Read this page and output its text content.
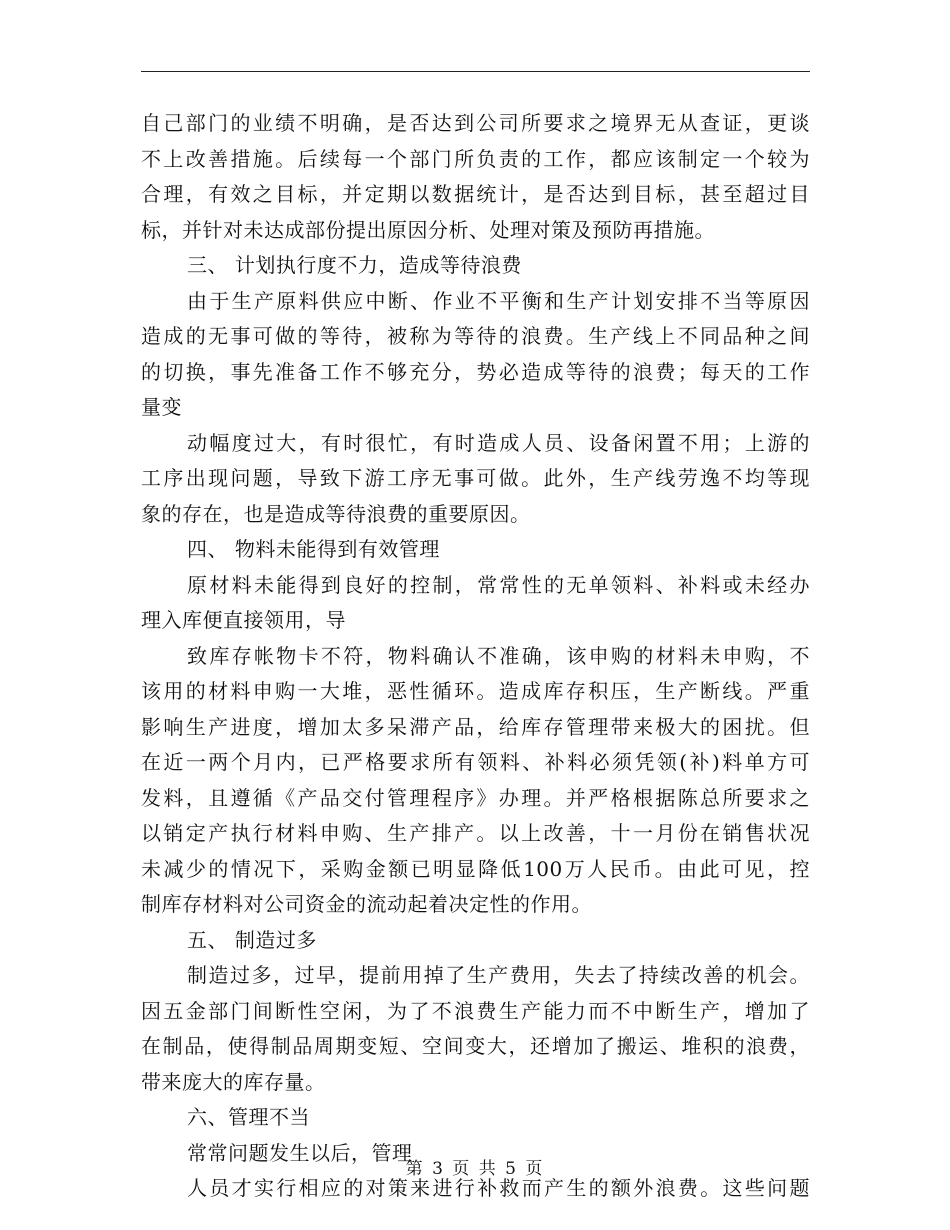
自己部门的业绩不明确，是否达到公司所要求之境界无从查证，更谈
不上改善措施。后续每一个部门所负责的工作，都应该制定一个较为
合理，有效之目标，并定期以数据统计，是否达到目标，甚至超过目
标，并针对未达成部份提出原因分析、处理对策及预防再措施。
三、 计划执行度不力，造成等待浪费
由于生产原料供应中断、作业不平衡和生产计划安排不当等原因
造成的无事可做的等待，被称为等待的浪费。生产线上不同品种之间
的切换，事先准备工作不够充分，势必造成等待的浪费；每天的工作
量变
动幅度过大，有时很忙，有时造成人员、设备闲置不用；上游的
工序出现问题，导致下游工序无事可做。此外，生产线劳逸不均等现
象的存在，也是造成等待浪费的重要原因。
四、 物料未能得到有效管理
原材料未能得到良好的控制，常常性的无单领料、补料或未经办
理入库便直接领用，导
致库存帐物卡不符，物料确认不准确，该申购的材料未申购，不
该用的材料申购一大堆，恶性循环。造成库存积压，生产断线。严重
影响生产进度，增加太多呆滞产品，给库存管理带来极大的困扰。但
在近一两个月内，已严格要求所有领料、补料必须凭领(补)料单方可
发料，且遵循《产品交付管理程序》办理。并严格根据陈总所要求之
以销定产执行材料申购、生产排产。以上改善，十一月份在销售状况
未减少的情况下，采购金额已明显降低100万人民币。由此可见，控
制库存材料对公司资金的流动起着决定性的作用。
五、 制造过多
制造过多，过早，提前用掉了生产费用，失去了持续改善的机会。
因五金部门间断性空闲，为了不浪费生产能力而不中断生产，增加了
在制品，使得制品周期变短、空间变大，还增加了搬运、堆积的浪费，
带来庞大的库存量。
六、管理不当
常常问题发生以后，管理
人员才实行相应的对策来进行补救而产生的额外浪费。这些问题
第 3 页 共 5 页
